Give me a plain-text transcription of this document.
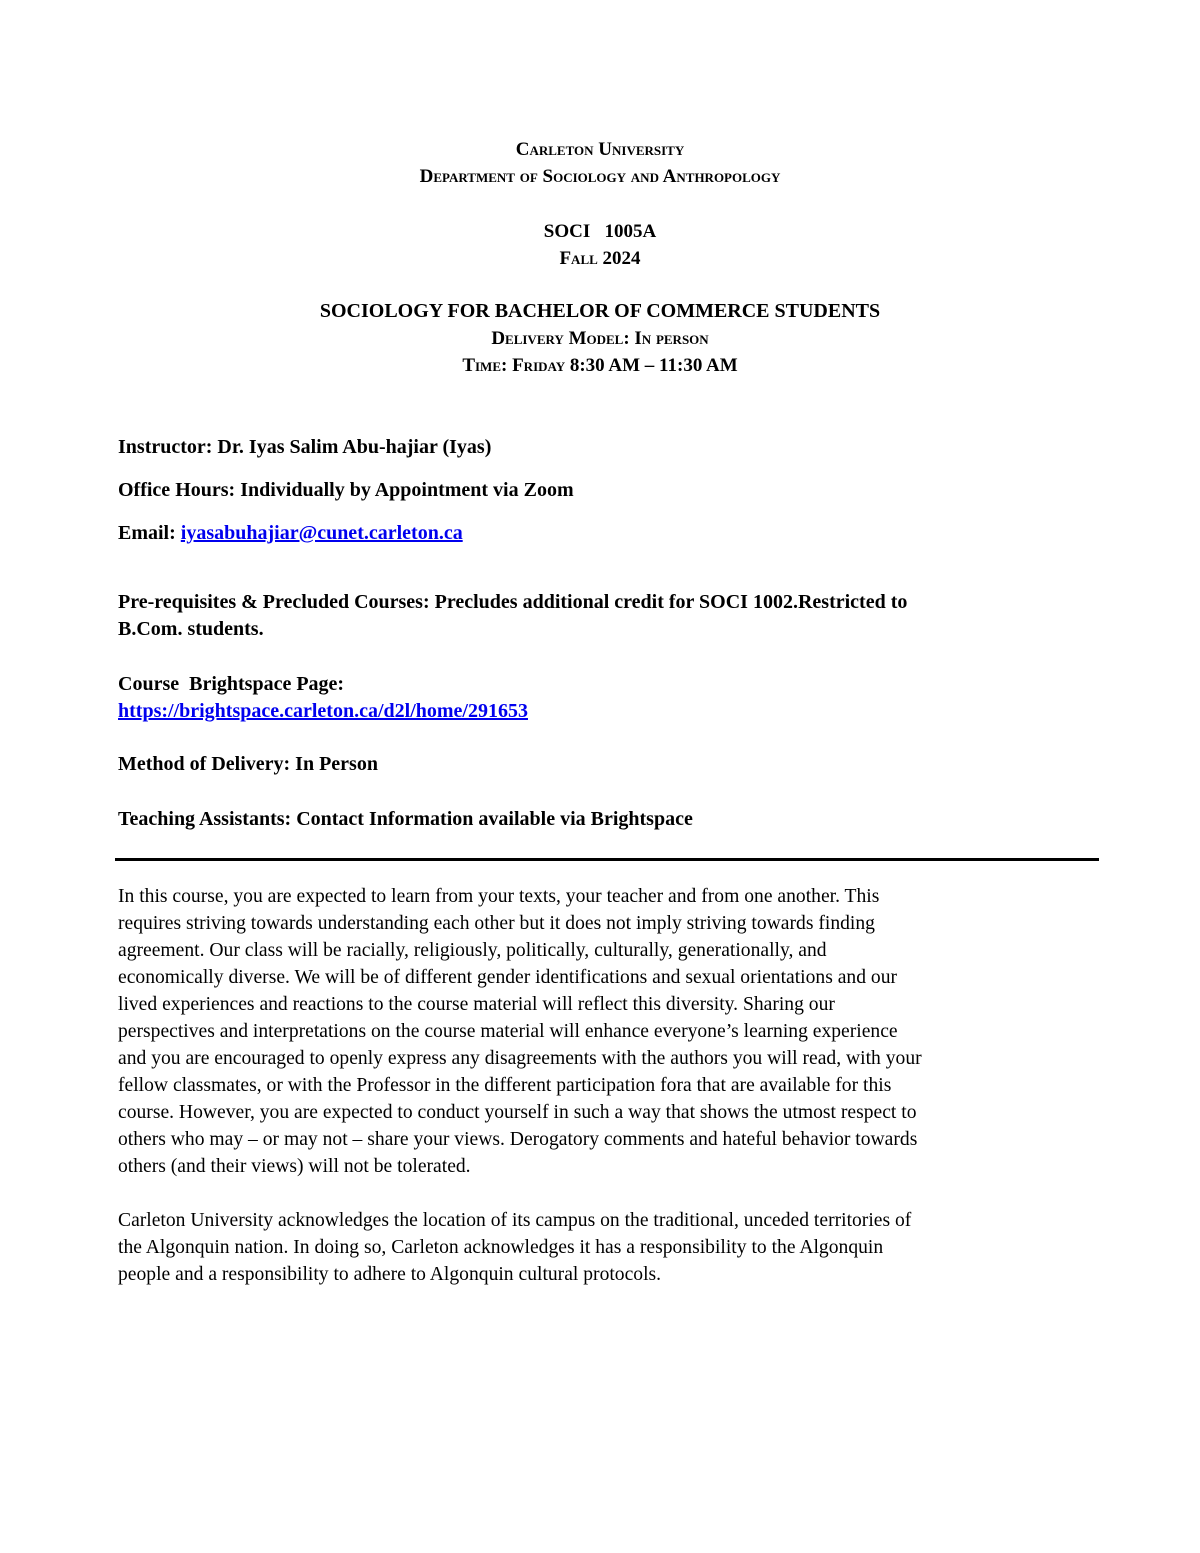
Carleton University
Department of Sociology and Anthropology
SOCI   1005A
Fall 2024
SOCIOLOGY FOR BACHELOR OF COMMERCE STUDENTS
Delivery Model: In person
Time: Friday 8:30 AM – 11:30 AM
Instructor: Dr. Iyas Salim Abu-hajiar (Iyas)
Office Hours: Individually by Appointment via Zoom
Email: iyasabuhajiar@cunet.carleton.ca
Pre-requisites & Precluded Courses: Precludes additional credit for SOCI 1002.Restricted to
B.Com. students.
Course  Brightspace Page:
https://brightspace.carleton.ca/d2l/home/291653
Method of Delivery: In Person
Teaching Assistants: Contact Information available via Brightspace
In this course, you are expected to learn from your texts, your teacher and from one another. This
requires striving towards understanding each other but it does not imply striving towards finding
agreement. Our class will be racially, religiously, politically, culturally, generationally, and
economically diverse. We will be of different gender identifications and sexual orientations and our
lived experiences and reactions to the course material will reflect this diversity. Sharing our
perspectives and interpretations on the course material will enhance everyone’s learning experience
and you are encouraged to openly express any disagreements with the authors you will read, with your
fellow classmates, or with the Professor in the different participation fora that are available for this
course. However, you are expected to conduct yourself in such a way that shows the utmost respect to
others who may – or may not – share your views. Derogatory comments and hateful behavior towards
others (and their views) will not be tolerated.
Carleton University acknowledges the location of its campus on the traditional, unceded territories of
the Algonquin nation. In doing so, Carleton acknowledges it has a responsibility to the Algonquin
people and a responsibility to adhere to Algonquin cultural protocols.
